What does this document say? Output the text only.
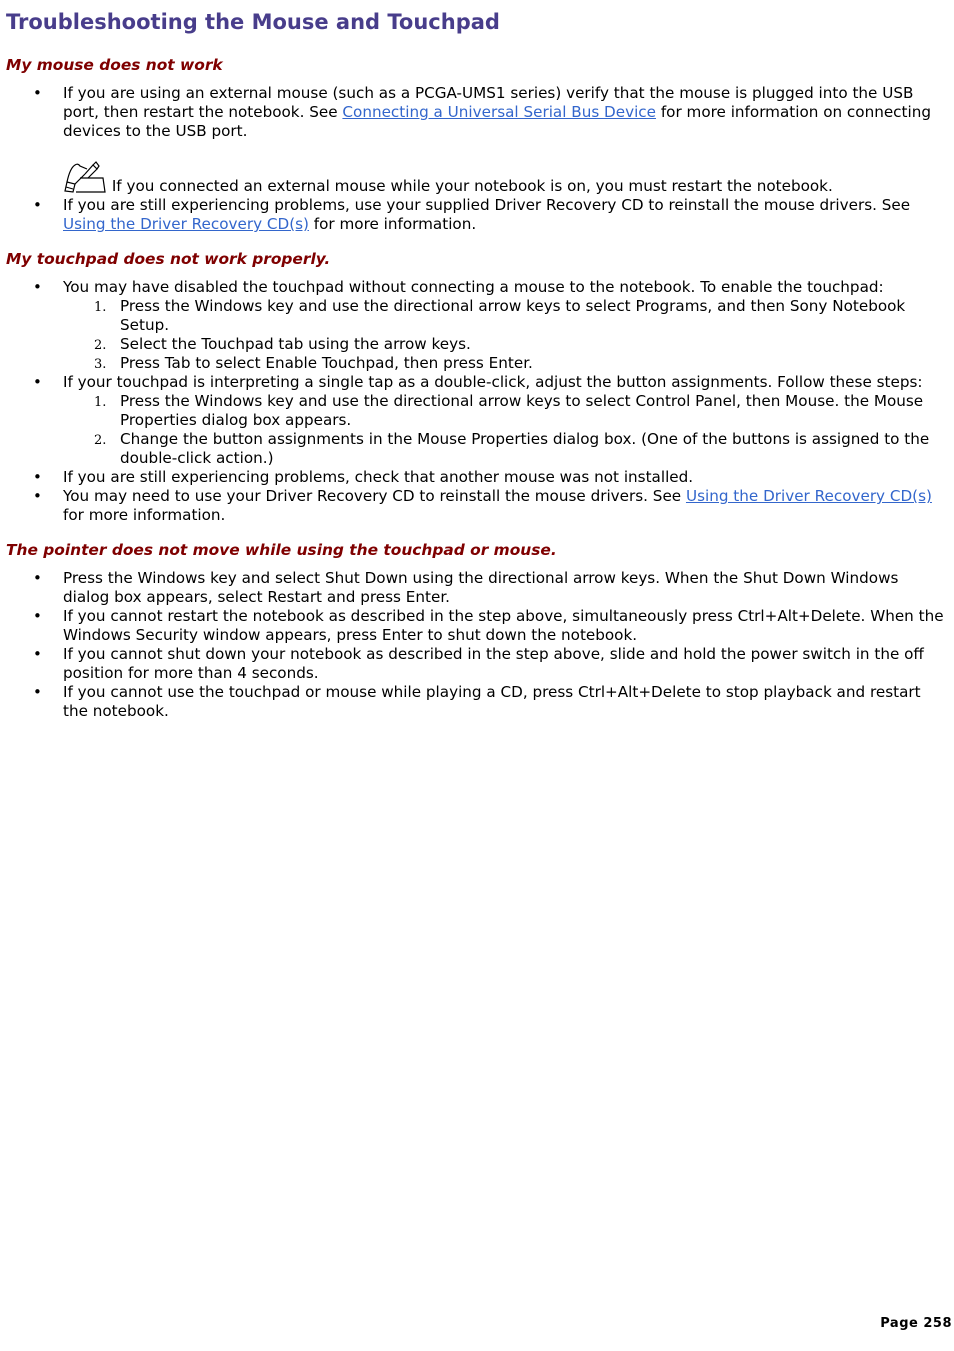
Troubleshooting the Mouse and Touchpad
My mouse does not work
• If you are using an external mouse (such as a PCGA-UMS1 series) verify that the mouse is plugged into the USB port, then restart the notebook. See Connecting a Universal Serial Bus Device for more information on connecting devices to the USB port.
If you connected an external mouse while your notebook is on, you must restart the notebook.
• If you are still experiencing problems, use your supplied Driver Recovery CD to reinstall the mouse drivers. See Using the Driver Recovery CD(s) for more information.
My touchpad does not work properly.
• You may have disabled the touchpad without connecting a mouse to the notebook. To enable the touchpad:
1. Press the Windows key and use the directional arrow keys to select Programs, and then Sony Notebook Setup.
2. Select the Touchpad tab using the arrow keys.
3. Press Tab to select Enable Touchpad, then press Enter.
• If your touchpad is interpreting a single tap as a double-click, adjust the button assignments. Follow these steps:
1. Press the Windows key and use the directional arrow keys to select Control Panel, then Mouse. the Mouse Properties dialog box appears.
2. Change the button assignments in the Mouse Properties dialog box. (One of the buttons is assigned to the double-click action.)
• If you are still experiencing problems, check that another mouse was not installed.
• You may need to use your Driver Recovery CD to reinstall the mouse drivers. See Using the Driver Recovery CD(s) for more information.
The pointer does not move while using the touchpad or mouse.
• Press the Windows key and select Shut Down using the directional arrow keys. When the Shut Down Windows dialog box appears, select Restart and press Enter.
• If you cannot restart the notebook as described in the step above, simultaneously press Ctrl+Alt+Delete. When the Windows Security window appears, press Enter to shut down the notebook.
• If you cannot shut down your notebook as described in the step above, slide and hold the power switch in the off position for more than 4 seconds.
• If you cannot use the touchpad or mouse while playing a CD, press Ctrl+Alt+Delete to stop playback and restart the notebook.
Page 258
